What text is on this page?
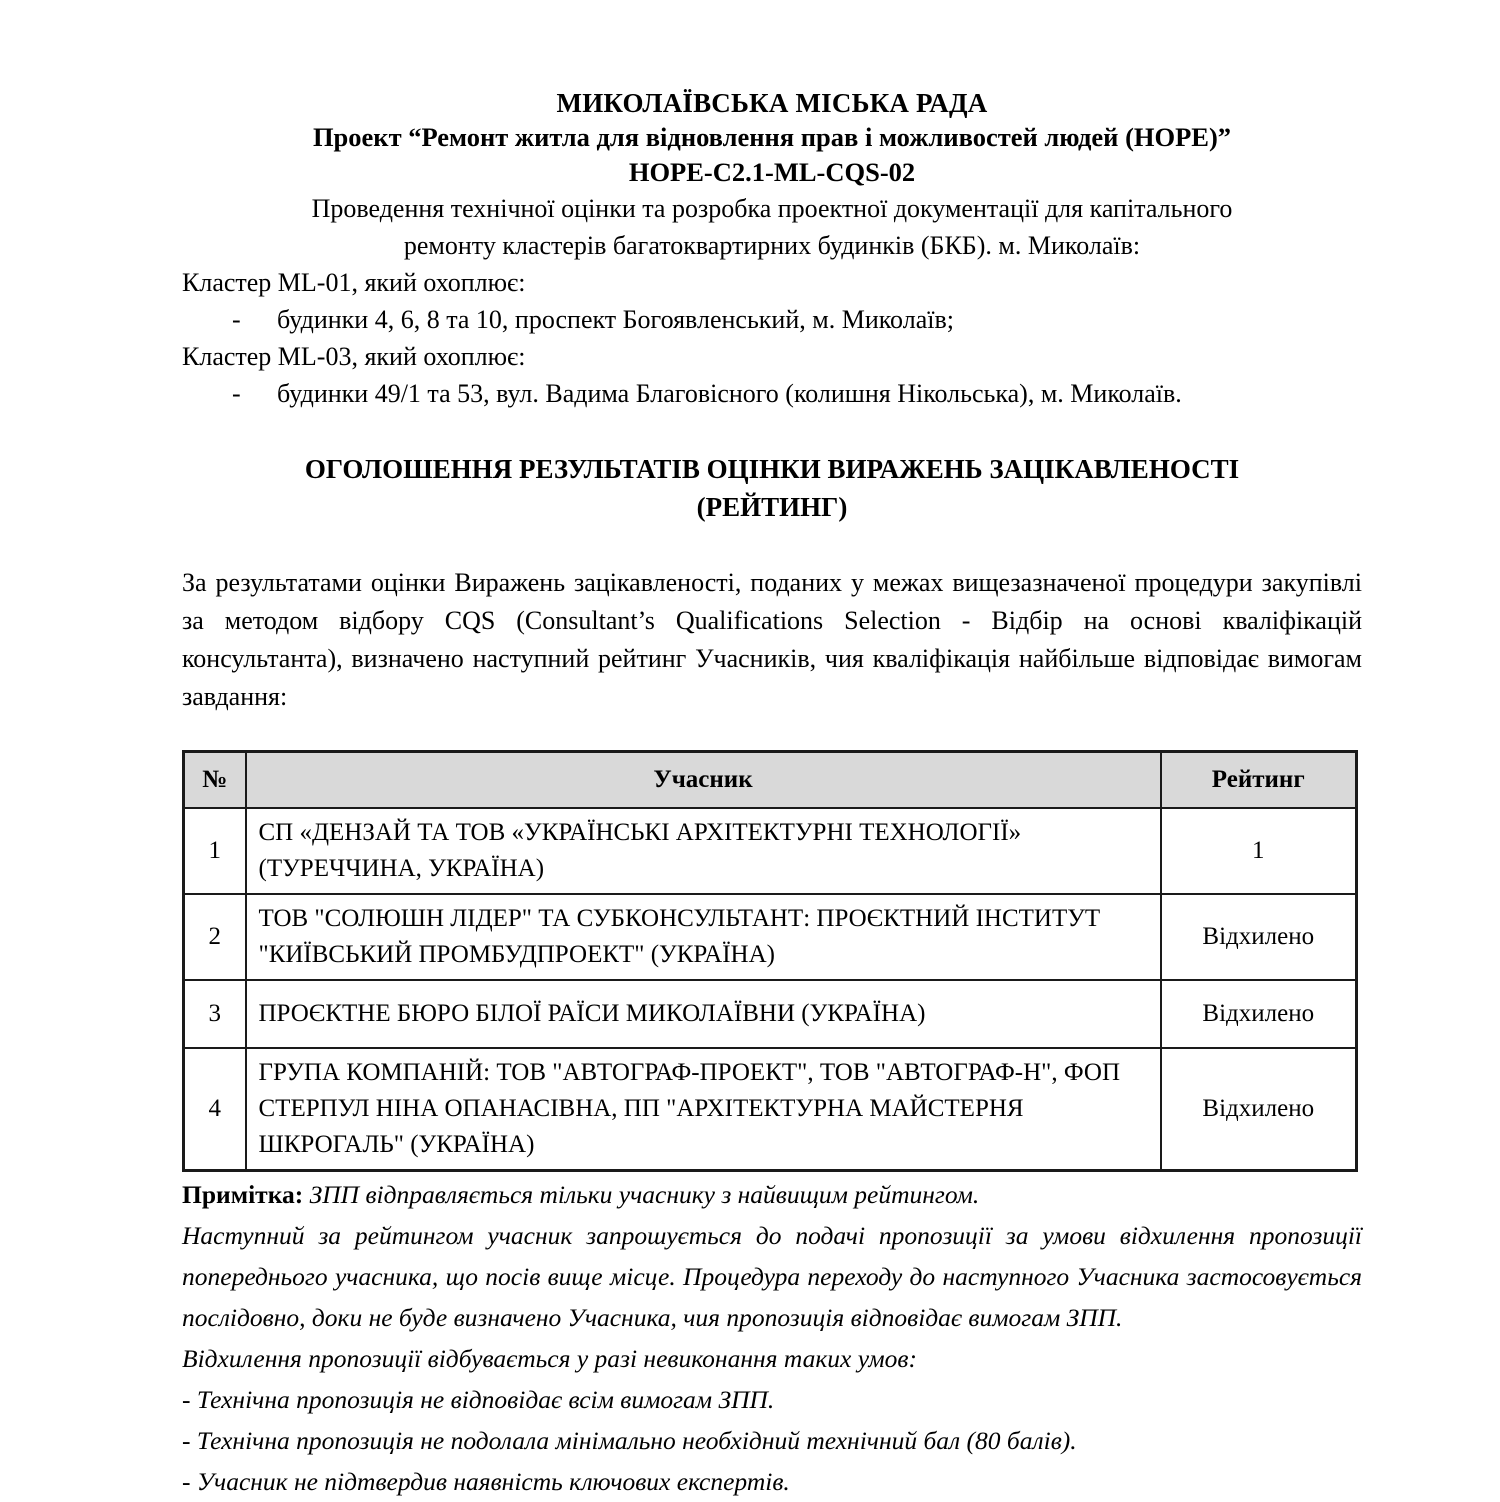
МИКОЛАЇВСЬКА МІСЬКА РАДА
Проект “Ремонт житла для відновлення прав і можливостей людей (HOPE)”
HOPE-C2.1-ML-CQS-02
Проведення технічної оцінки та розробка проектної документації для капітального
ремонту кластерів багатоквартирних будинків (БКБ). м. Миколаїв:
Кластер ML-01, який охоплює:
- будинки 4, 6, 8 та 10, проспект Богоявленський, м. Миколаїв;
Кластер ML-03, який охоплює:
- будинки 49/1 та 53, вул. Вадима Благовісного (колишня Нікольська), м. Миколаїв.
ОГОЛОШЕННЯ РЕЗУЛЬТАТІВ ОЦІНКИ ВИРАЖЕНЬ ЗАЦІКАВЛЕНОСТІ
(РЕЙТИНГ)
За результатами оцінки Виражень зацікавленості, поданих у межах вищезазначеної процедури закупівлі за методом відбору CQS (Consultant’s Qualifications Selection - Відбір на основі кваліфікацій консультанта), визначено наступний рейтинг Учасників, чия кваліфікація найбільше відповідає вимогам завдання:
№	Учасник	Рейтинг
1	СП «ДЕНЗАЙ ТА ТОВ «УКРАЇНСЬКІ АРХІТЕКТУРНІ ТЕХНОЛОГІЇ» (ТУРЕЧЧИНА, УКРАЇНА)	1
2	ТОВ "СОЛЮШН ЛІДЕР" ТА СУБКОНСУЛЬТАНТ: ПРОЄКТНИЙ ІНСТИТУТ "КИЇВСЬКИЙ ПРОМБУДПРОЕКТ" (УКРАЇНА)	Відхилено
3	ПРОЄКТНЕ БЮРО БІЛОЇ РАЇСИ МИКОЛАЇВНИ (УКРАЇНА)	Відхилено
4	ГРУПА КОМПАНІЙ: ТОВ "АВТОГРАФ-ПРОЕКТ", ТОВ "АВТОГРАФ-Н", ФОП СТЕРПУЛ НІНА ОПАНАСІВНА, ПП "АРХІТЕКТУРНА МАЙСТЕРНЯ ШКРОГАЛЬ" (УКРАЇНА)	Відхилено

Примітка: ЗПП відправляється тільки учаснику з найвищим рейтингом.

Наступний за рейтингом учасник запрошується до подачі пропозиції за умови відхилення пропозиції попереднього учасника, що посів вище місце. Процедура переходу до наступного Учасника застосовується послідовно, доки не буде визначено Учасника, чия пропозиція відповідає вимогам ЗПП.

Відхилення пропозиції відбувається у разі невиконання таких умов:

- Технічна пропозиція не відповідає всім вимогам ЗПП.

- Технічна пропозиція не подолала мінімально необхідний технічний бал (80 балів).

- Учасник не підтвердив наявність ключових експертів.
